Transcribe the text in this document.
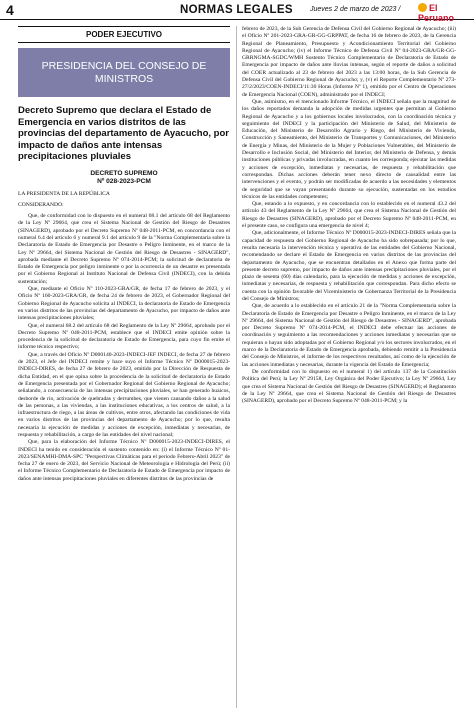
4	NORMAS LEGALES Jueves 2 de marzo de 2023 /	El Peruano
PODER EJECUTIVO
PRESIDENCIA DEL CONSEJO DE MINISTROS
Decreto Supremo que declara el Estado de Emergencia en varios distritos de las provincias del departamento de Ayacucho, por impacto de daños ante intensas precipitaciones pluviales
DECRETO SUPREMO
Nº 028-2023-PCM
LA PRESIDENTA DE LA REPÚBLICA
CONSIDERANDO:

Que, de conformidad con lo dispuesto en el numeral 68.1 del artículo 68 del Reglamento de la Ley Nº 29664, que crea el Sistema Nacional de Gestión del Riesgo de Desastres (SINAGERD), aprobado por el Decreto Supremo Nº 048-2011-PCM, en concordancia con el numeral 6.4 del artículo 6 y numeral 9.1 del artículo 9 de la "Norma Complementaria sobre la Declaratoria de Estado de Emergencia por Desastre o Peligro Inminente, en el marco de la Ley Nº 29664, del Sistema Nacional de Gestión del Riesgo de Desastres - SINAGERD", aprobada mediante el Decreto Supremo Nº 074-2014-PCM; la solicitud de declaratoria de Estado de Emergencia por peligro inminente o por la ocurrencia de un desastre es presentada por el Gobierno Regional al Instituto Nacional de Defensa Civil (INDECI), con la debida sustentación;

Que, mediante el Oficio Nº 110-2023-GRA/GR, de fecha 17 de febrero de 2023, y el Oficio Nº 160-2023-GRA/GR, de fecha 24 de febrero de 2023, el Gobernador Regional del Gobierno Regional de Ayacucho solicita al INDECI, la declaratoria de Estado de Emergencia en varios distritos de las provincias del departamento de Ayacucho, por impacto de daños ante intensas precipitaciones pluviales;

Que, el numeral 68.2 del artículo 68 del Reglamento de la Ley Nº 29664, aprobado por el Decreto Supremo Nº 048-2011-PCM, establece que el INDECI emite opinión sobre la procedencia de la solicitud de declaratoria de Estado de Emergencia, para cuyo fin emite el informe técnico respectivo;

Que, a través del Oficio Nº D000140-2023-INDECI-JEF INDECI, de fecha 27 de febrero de 2023, el Jefe del INDECI remite y hace suyo el Informe Técnico Nº D000015-2023-INDECI-DIRES, de fecha 27 de febrero de 2023, emitido por la Dirección de Respuesta de dicha Entidad, en el que opina sobre la procedencia de la solicitud de declaratoria de Estado de Emergencia presentada por el Gobernador Regional del Gobierno Regional de Ayacucho; señalando, a consecuencia de las intensas precipitaciones pluviales, se han generado huaicos, desborde de río, activación de quebradas y derrumbes, que vienen causando daños a la salud de las personas, a las viviendas, a las instituciones educativas, a los centros de salud, a la infraestructura de riego, a las áreas de cultivos, entre otros, afectando las condiciones de vida en varios distritos de las provincias del departamento de Ayacucho; por lo que, resulta necesaria la ejecución de medidas y acciones de excepción, inmediatas y necesarias, de respuesta y rehabilitación, a cargo de las entidades del nivel nacional;

Que, para la elaboración del Informe Técnico Nº D000015-2023-INDECI-DIRES, el INDECI ha tenido en consideración el sustento contenido en: (i) el Informe Técnico Nº 01-2023/SENAMHI-DMA-SPC "Perspectivas Climáticas para el periodo Febrero-Abril 2023" de fecha 27 de enero de 2023, del Servicio Nacional de Meteorología e Hidrología del Perú; (ii) el Informe Técnico Complementario de Declaratoria de Estado de Emergencia por impacto de daños ante intensas precipitaciones pluviales en diferentes distritos de las provincias de

febrero de 2023, de la Sub Gerencia de Defensa Civil del Gobierno Regional de Ayacucho; (iii) el Oficio Nº 201-2023-GRA-GR-GG-GRPPAT, de fecha 16 de febrero de 2023, de la Gerencia Regional de Planeamiento, Presupuesto y Acondicionamiento Territorial del Gobierno Regional de Ayacucho; (iv) el Informe Técnico de Defensa Civil Nº 04-2023-GRA/GR-GG-GRRNGMA-SGDC/WMH Sustento Técnico Complementario de Declaratoria de Estado de Emergencia por impacto de daños ante lluvias intensas, según el reporte de daños a solicitud del COER actualizado al 23 de febrero del 2023 a las 13:00 horas, de la Sub Gerencia de Defensa Civil del Gobierno Regional de Ayacucho; y, (v) el Reporte Complementario Nº 273-27/2/2023/COEN-INDECI/11:30 Horas (Informe Nº 1), emitido por el Centro de Operaciones de Emergencia Nacional (COEN), administrado por el INDECI;

Que, asimismo, en el mencionado Informe Técnico, el INDECI señala que la magnitud de los daños reportados demanda la adopción de medidas urgentes que permitan al Gobierno Regional de Ayacucho y a los gobiernos locales involucrados, con la coordinación técnica y seguimiento del INDECI y la participación del Ministerio de Salud, del Ministerio de Educación, del Ministerio de Desarrollo Agrario y Riego, del Ministerio de Vivienda, Construcción y Saneamiento, del Ministerio de Transportes y Comunicaciones, del Ministerio de Energía y Minas, del Ministerio de la Mujer y Poblaciones Vulnerables, del Ministerio de Desarrollo e Inclusión Social, del Ministerio del Interior, del Ministerio de Defensa, y demás instituciones públicas y privadas involucradas, en cuanto les corresponda; ejecutar las medidas y acciones de excepción, inmediatas y necesarias, de respuesta y rehabilitación que correspondan. Dichas acciones deberán tener nexo directo de causalidad entre las intervenciones y el evento, y podrán ser modificadas de acuerdo a las necesidades y elementos de seguridad que se vayan presentando durante su ejecución, sustentadas en los estudios técnicos de las entidades competentes;

Que, estando a lo expuesto, y en concordancia con lo establecido en el numeral 43.2 del artículo 43 del Reglamento de la Ley Nº 29664, que crea el Sistema Nacional de Gestión del Riesgo de Desastres (SINAGERD), aprobado por el Decreto Supremo Nº 048-2011-PCM, en el presente caso, se configura una emergencia de nivel 4;

Que, adicionalmente, el Informe Técnico Nº D000015-2023-INDECI-DIRES señala que la capacidad de respuesta del Gobierno Regional de Ayacucho ha sido sobrepasada; por lo que, resulta necesaria la intervención técnica y operativa de las entidades del Gobierno Nacional, recomendando se declare el Estado de Emergencia en varios distritos de las provincias del departamento de Ayacucho, que se encuentran detallados en el Anexo que forma parte del presente decreto supremo, por impacto de daños ante intensas precipitaciones pluviales, por el plazo de sesenta (60) días calendario, para la ejecución de medidas y acciones de excepción, inmediatas y necesarias, de respuesta y rehabilitación que correspondan. Para dicho efecto se cuenta con la opinión favorable del Viceministerio de Gobernanza Territorial de la Presidencia del Consejo de Ministros;

Que, de acuerdo a lo establecido en el artículo 21 de la "Norma Complementaria sobre la Declaratoria de Estado de Emergencia por Desastre o Peligro Inminente, en el marco de la Ley Nº 29664, del Sistema Nacional de Gestión del Riesgo de Desastres - SINAGERD", aprobada por Decreto Supremo Nº 074-2014-PCM, el INDECI debe efectuar las acciones de coordinación y seguimiento a las recomendaciones y acciones inmediatas y necesarias que se requieran o hayan sido adoptadas por el Gobierno Regional y/o los sectores involucrados, en el marco de la Declaratoria de Estado de Emergencia aprobada, debiendo remitir a la Presidencia del Consejo de Ministros, el informe de los respectivos resultados, así como de la ejecución de las acciones inmediatas y necesarias, durante la vigencia del Estado de Emergencia;

De conformidad con lo dispuesto en el numeral 1) del artículo 137 de la Constitución Política del Perú; la Ley Nº 29158, Ley Orgánica del Poder Ejecutivo; la Ley Nº 29664, Ley que crea el Sistema Nacional de Gestión del Riesgo de Desastres (SINAGERD); el Reglamento de la Ley Nº 29664, que crea el Sistema Nacional de Gestión del Riesgo de Desastres (SINAGERD), aprobado por el Decreto Supremo Nº 048-2011-PCM; y la
